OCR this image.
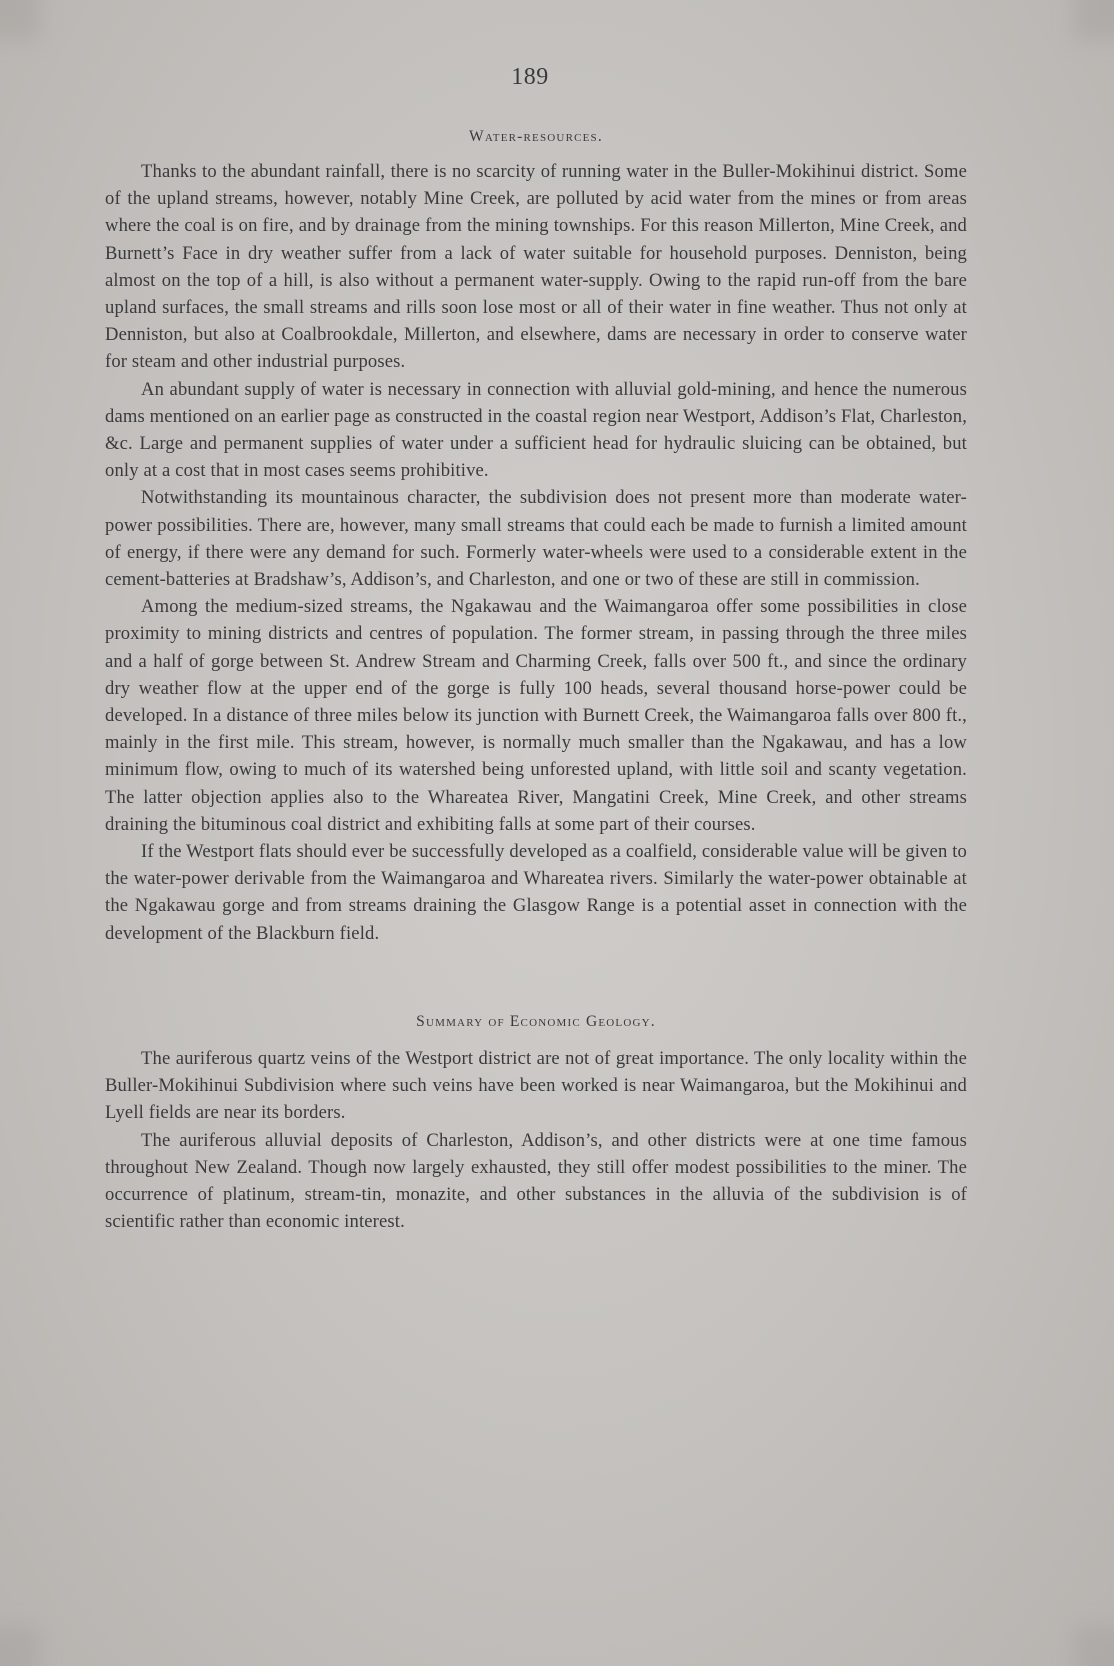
189
Water-resources.

Thanks to the abundant rainfall, there is no scarcity of running water in the Buller-Mokihinui district. Some of the upland streams, however, notably Mine Creek, are polluted by acid water from the mines or from areas where the coal is on fire, and by drainage from the mining townships. For this reason Millerton, Mine Creek, and Burnett’s Face in dry weather suffer from a lack of water suitable for household purposes. Denniston, being almost on the top of a hill, is also without a permanent water-supply. Owing to the rapid run-off from the bare upland surfaces, the small streams and rills soon lose most or all of their water in fine weather. Thus not only at Denniston, but also at Coalbrookdale, Millerton, and elsewhere, dams are necessary in order to conserve water for steam and other industrial purposes.

An abundant supply of water is necessary in connection with alluvial gold-mining, and hence the numerous dams mentioned on an earlier page as constructed in the coastal region near Westport, Addison’s Flat, Charleston, &c. Large and permanent supplies of water under a sufficient head for hydraulic sluicing can be obtained, but only at a cost that in most cases seems prohibitive.

Notwithstanding its mountainous character, the subdivision does not present more than moderate water-power possibilities. There are, however, many small streams that could each be made to furnish a limited amount of energy, if there were any demand for such. Formerly water-wheels were used to a considerable extent in the cement-batteries at Bradshaw’s, Addison’s, and Charleston, and one or two of these are still in commission.

Among the medium-sized streams, the Ngakawau and the Waimangaroa offer some possibilities in close proximity to mining districts and centres of population. The former stream, in passing through the three miles and a half of gorge between St. Andrew Stream and Charming Creek, falls over 500 ft., and since the ordinary dry weather flow at the upper end of the gorge is fully 100 heads, several thousand horse-power could be developed. In a distance of three miles below its junction with Burnett Creek, the Waimangaroa falls over 800 ft., mainly in the first mile. This stream, however, is normally much smaller than the Ngakawau, and has a low minimum flow, owing to much of its watershed being unforested upland, with little soil and scanty vegetation. The latter objection applies also to the Whareatea River, Mangatini Creek, Mine Creek, and other streams draining the bituminous coal district and exhibiting falls at some part of their courses.

If the Westport flats should ever be successfully developed as a coalfield, considerable value will be given to the water-power derivable from the Waimangaroa and Whareatea rivers. Similarly the water-power obtainable at the Ngakawau gorge and from streams draining the Glasgow Range is a potential asset in connection with the development of the Blackburn field.

Summary of Economic Geology.

The auriferous quartz veins of the Westport district are not of great importance. The only locality within the Buller-Mokihinui Subdivision where such veins have been worked is near Waimangaroa, but the Mokihinui and Lyell fields are near its borders.

The auriferous alluvial deposits of Charleston, Addison’s, and other districts were at one time famous throughout New Zealand. Though now largely exhausted, they still offer modest possibilities to the miner. The occurrence of platinum, stream-tin, monazite, and other substances in the alluvia of the subdivision is of scientific rather than economic interest.
